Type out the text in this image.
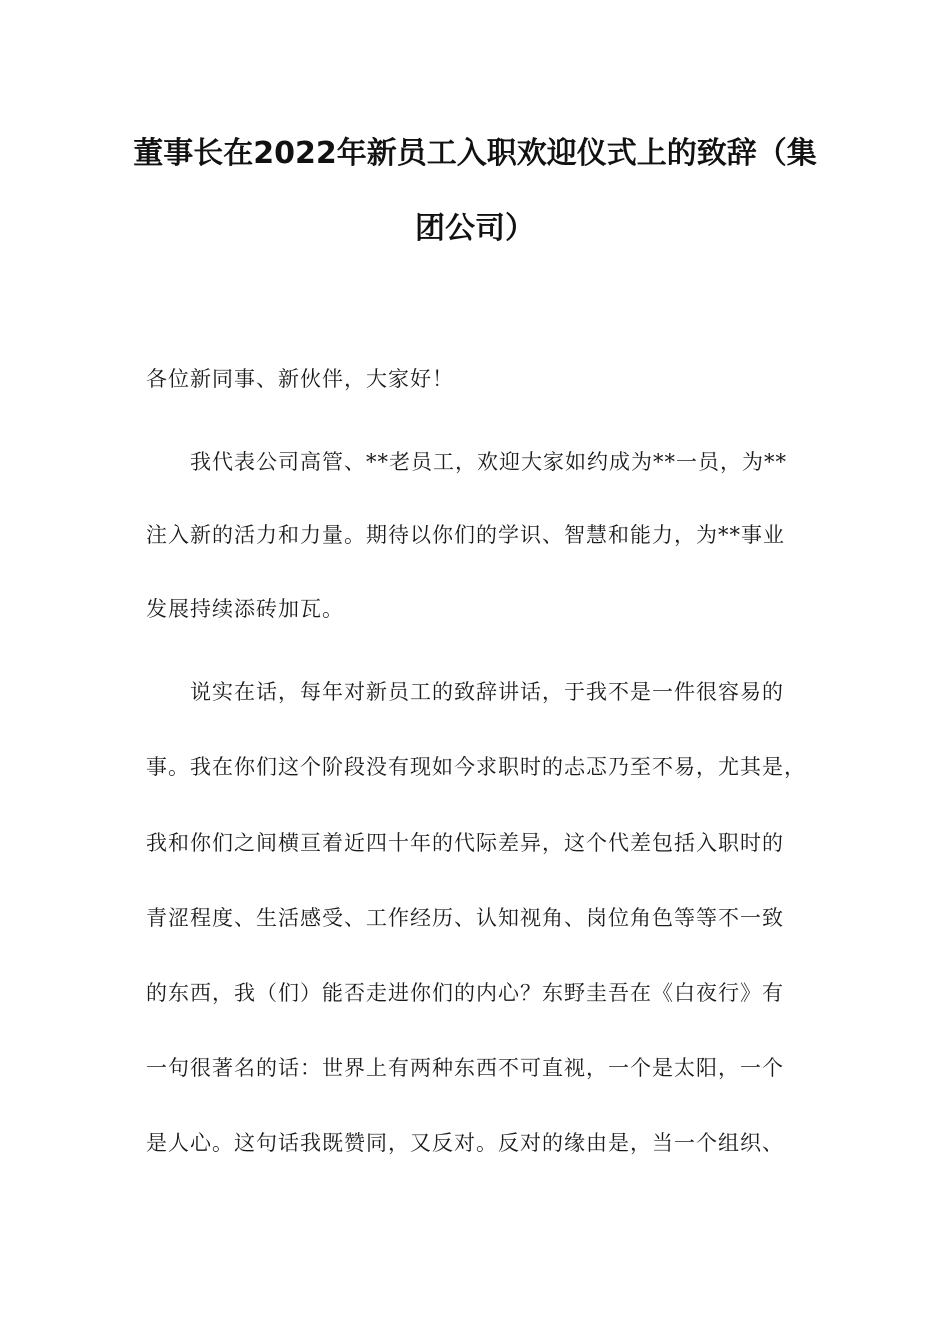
董事长在2022年新员工入职欢迎仪式上的致辞（集
团公司）
各位新同事、新伙伴，大家好！
我代表公司高管、**老员工，欢迎大家如约成为**一员，为**
注入新的活力和力量。期待以你们的学识、智慧和能力，为**事业
发展持续添砖加瓦。
说实在话，每年对新员工的致辞讲话，于我不是一件很容易的
事。我在你们这个阶段没有现如今求职时的忐忑乃至不易，尤其是，
我和你们之间横亘着近四十年的代际差异，这个代差包括入职时的
青涩程度、生活感受、工作经历、认知视角、岗位角色等等不一致
的东西，我（们）能否走进你们的内心？东野圭吾在《白夜行》有
一句很著名的话：世界上有两种东西不可直视，一个是太阳，一个
是人心。这句话我既赞同，又反对。反对的缘由是，当一个组织、
